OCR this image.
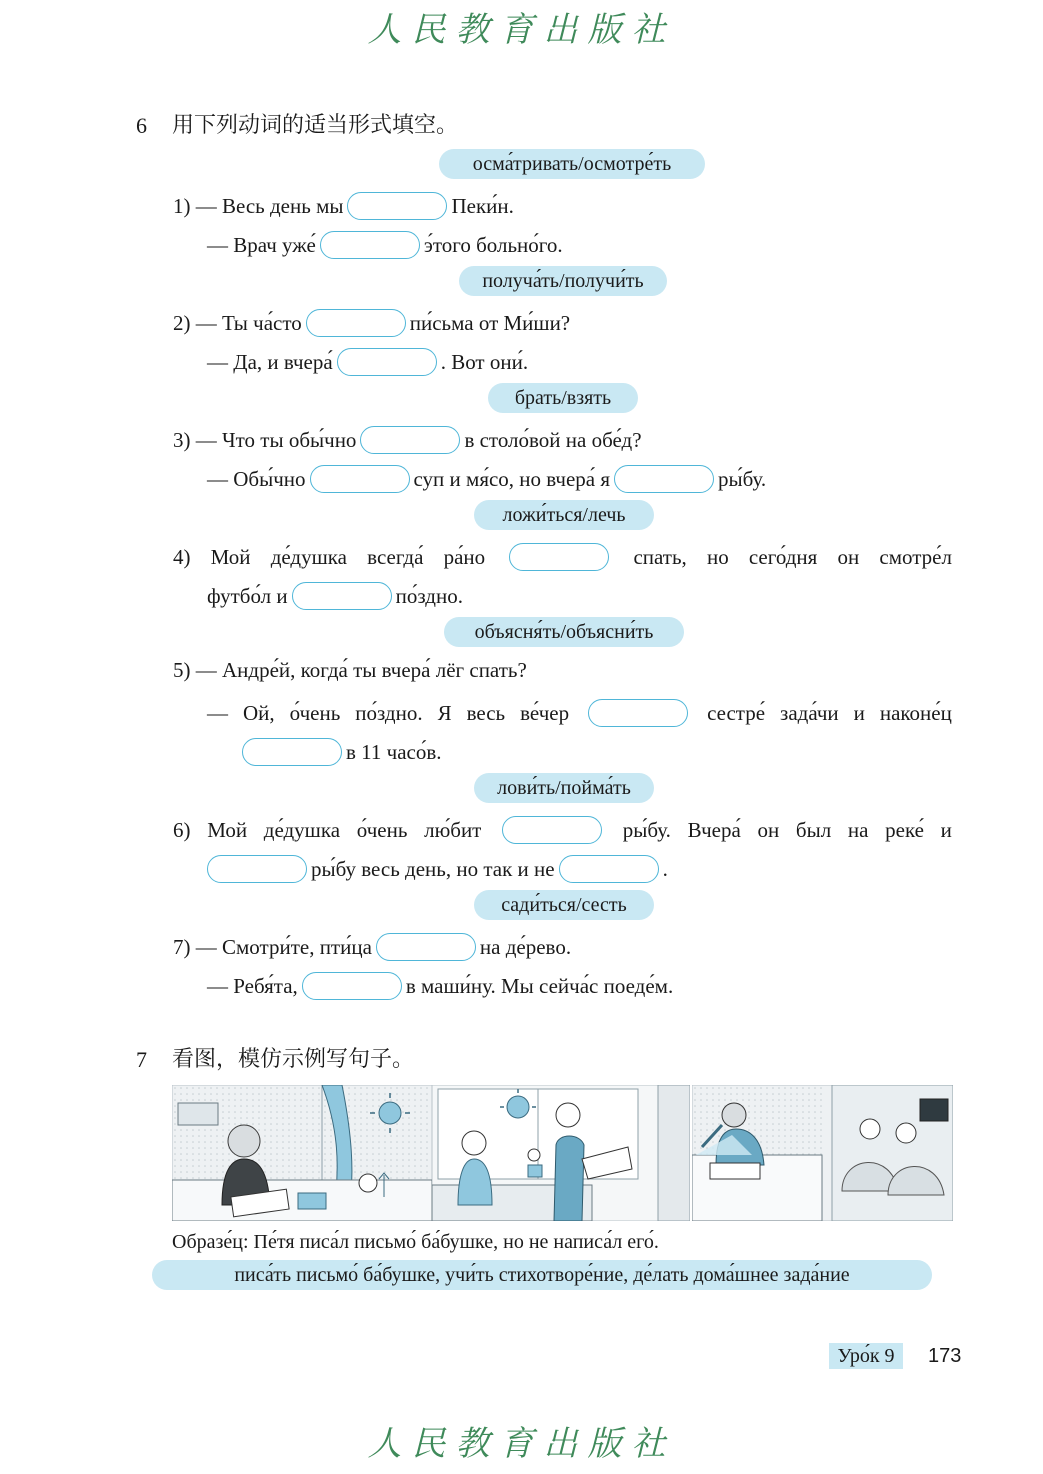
人民教育出版社
6 用下列动词的适当形式填空。
осма́тривать/осмотре́ть
1)
— Весь день мы	Пеки́н.
— Врач уже́	э́того больно́го.
получа́ть/получи́ть
2)
— Ты ча́сто	пи́сьма от Ми́ши?
— Да, и вчера́	. Вот они́.
брать/взять
3)
— Что ты обы́чно	в столо́вой на обе́д?
— Обы́чно	суп и мя́со, но вчера́ я	ры́бу.
ложи́ться/лечь
4) Мой де́душка всегда́ ра́но	спать, но сего́дня он смотре́л
футбо́л и	по́здно.
объясня́ть/объясни́ть
5)
— Андре́й, когда́ ты вчера́ лёг спать?
— Ой, о́чень по́здно. Я весь ве́чер	сестре́ зада́чи и наконе́ц
в 11 часо́в.
лови́ть/пойма́ть
6) Мой де́душка о́чень лю́бит	ры́бу. Вчера́ он был на реке́ и
ры́бу весь день, но так и не	.
сади́ться/сесть
7)
— Смотри́те, пти́ца	на де́рево.
— Ребя́та,	в маши́ну. Мы сейча́с поеде́м.
7 看图，模仿示例写句子。
Образе́ц: Пе́тя писа́л письмо́ ба́бушке, но не написа́л его́.
писа́ть письмо́ ба́бушке, учи́ть стихотворе́ние, де́лать дома́шнее зада́ние
Уро́к 9	173
人民教育出版社
